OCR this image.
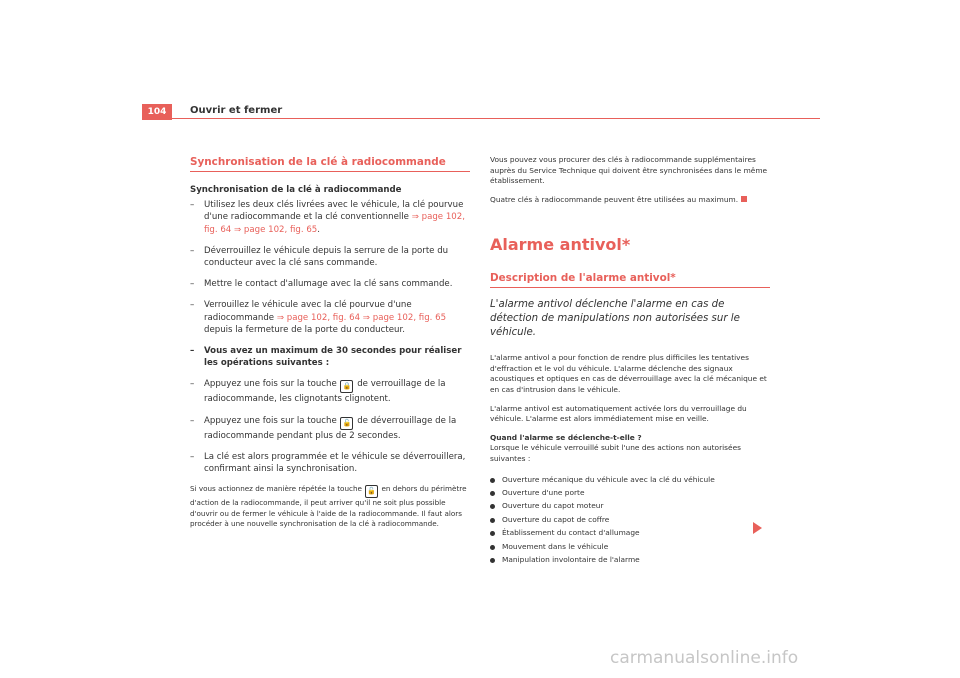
104	Ouvrir et fermer
Synchronisation de la clé à radiocommande
Synchronisation de la clé à radiocommande
– Utilisez les deux clés livrées avec le véhicule, la clé pourvue d'une radiocommande et la clé conventionnelle ⇒ page 102, fig. 64 ⇒ page 102, fig. 65.
– Déverrouillez le véhicule depuis la serrure de la porte du conducteur avec la clé sans commande.
– Mettre le contact d'allumage avec la clé sans commande.
– Verrouillez le véhicule avec la clé pourvue d'une radiocommande ⇒ page 102, fig. 64 ⇒ page 102, fig. 65 depuis la fermeture de la porte du conducteur.
– Vous avez un maximum de 30 secondes pour réaliser les opérations suivantes :
– Appuyez une fois sur la touche 🔒 de verrouillage de la radiocommande, les clignotants clignotent.
– Appuyez une fois sur la touche 🔓 de déverrouillage de la radiocommande pendant plus de 2 secondes.
– La clé est alors programmée et le véhicule se déverrouillera, confirmant ainsi la synchronisation.
Si vous actionnez de manière répétée la touche 🔓 en dehors du périmètre d'action de la radiocommande, il peut arriver qu'il ne soit plus possible d'ouvrir ou de fermer le véhicule à l'aide de la radiocommande. Il faut alors procéder à une nouvelle synchronisation de la clé à radiocommande.
Vous pouvez vous procurer des clés à radiocommande supplémentaires auprès du Service Technique qui doivent être synchronisées dans le même établissement.
Quatre clés à radiocommande peuvent être utilisées au maximum.
Alarme antivol*
Description de l'alarme antivol*
L'alarme antivol déclenche l'alarme en cas de détection de manipulations non autorisées sur le véhicule.
L'alarme antivol a pour fonction de rendre plus difficiles les tentatives d'effraction et le vol du véhicule. L'alarme déclenche des signaux acoustiques et optiques en cas de déverrouillage avec la clé mécanique et en cas d'intrusion dans le véhicule.
L'alarme antivol est automatiquement activée lors du verrouillage du véhicule. L'alarme est alors immédiatement mise en veille.
Quand l'alarme se déclenche-t-elle ?
Lorsque le véhicule verrouillé subit l'une des actions non autorisées suivantes :
Ouverture mécanique du véhicule avec la clé du véhicule
Ouverture d'une porte
Ouverture du capot moteur
Ouverture du capot de coffre
Établissement du contact d'allumage
Mouvement dans le véhicule
Manipulation involontaire de l'alarme
carmanualsonline.info
